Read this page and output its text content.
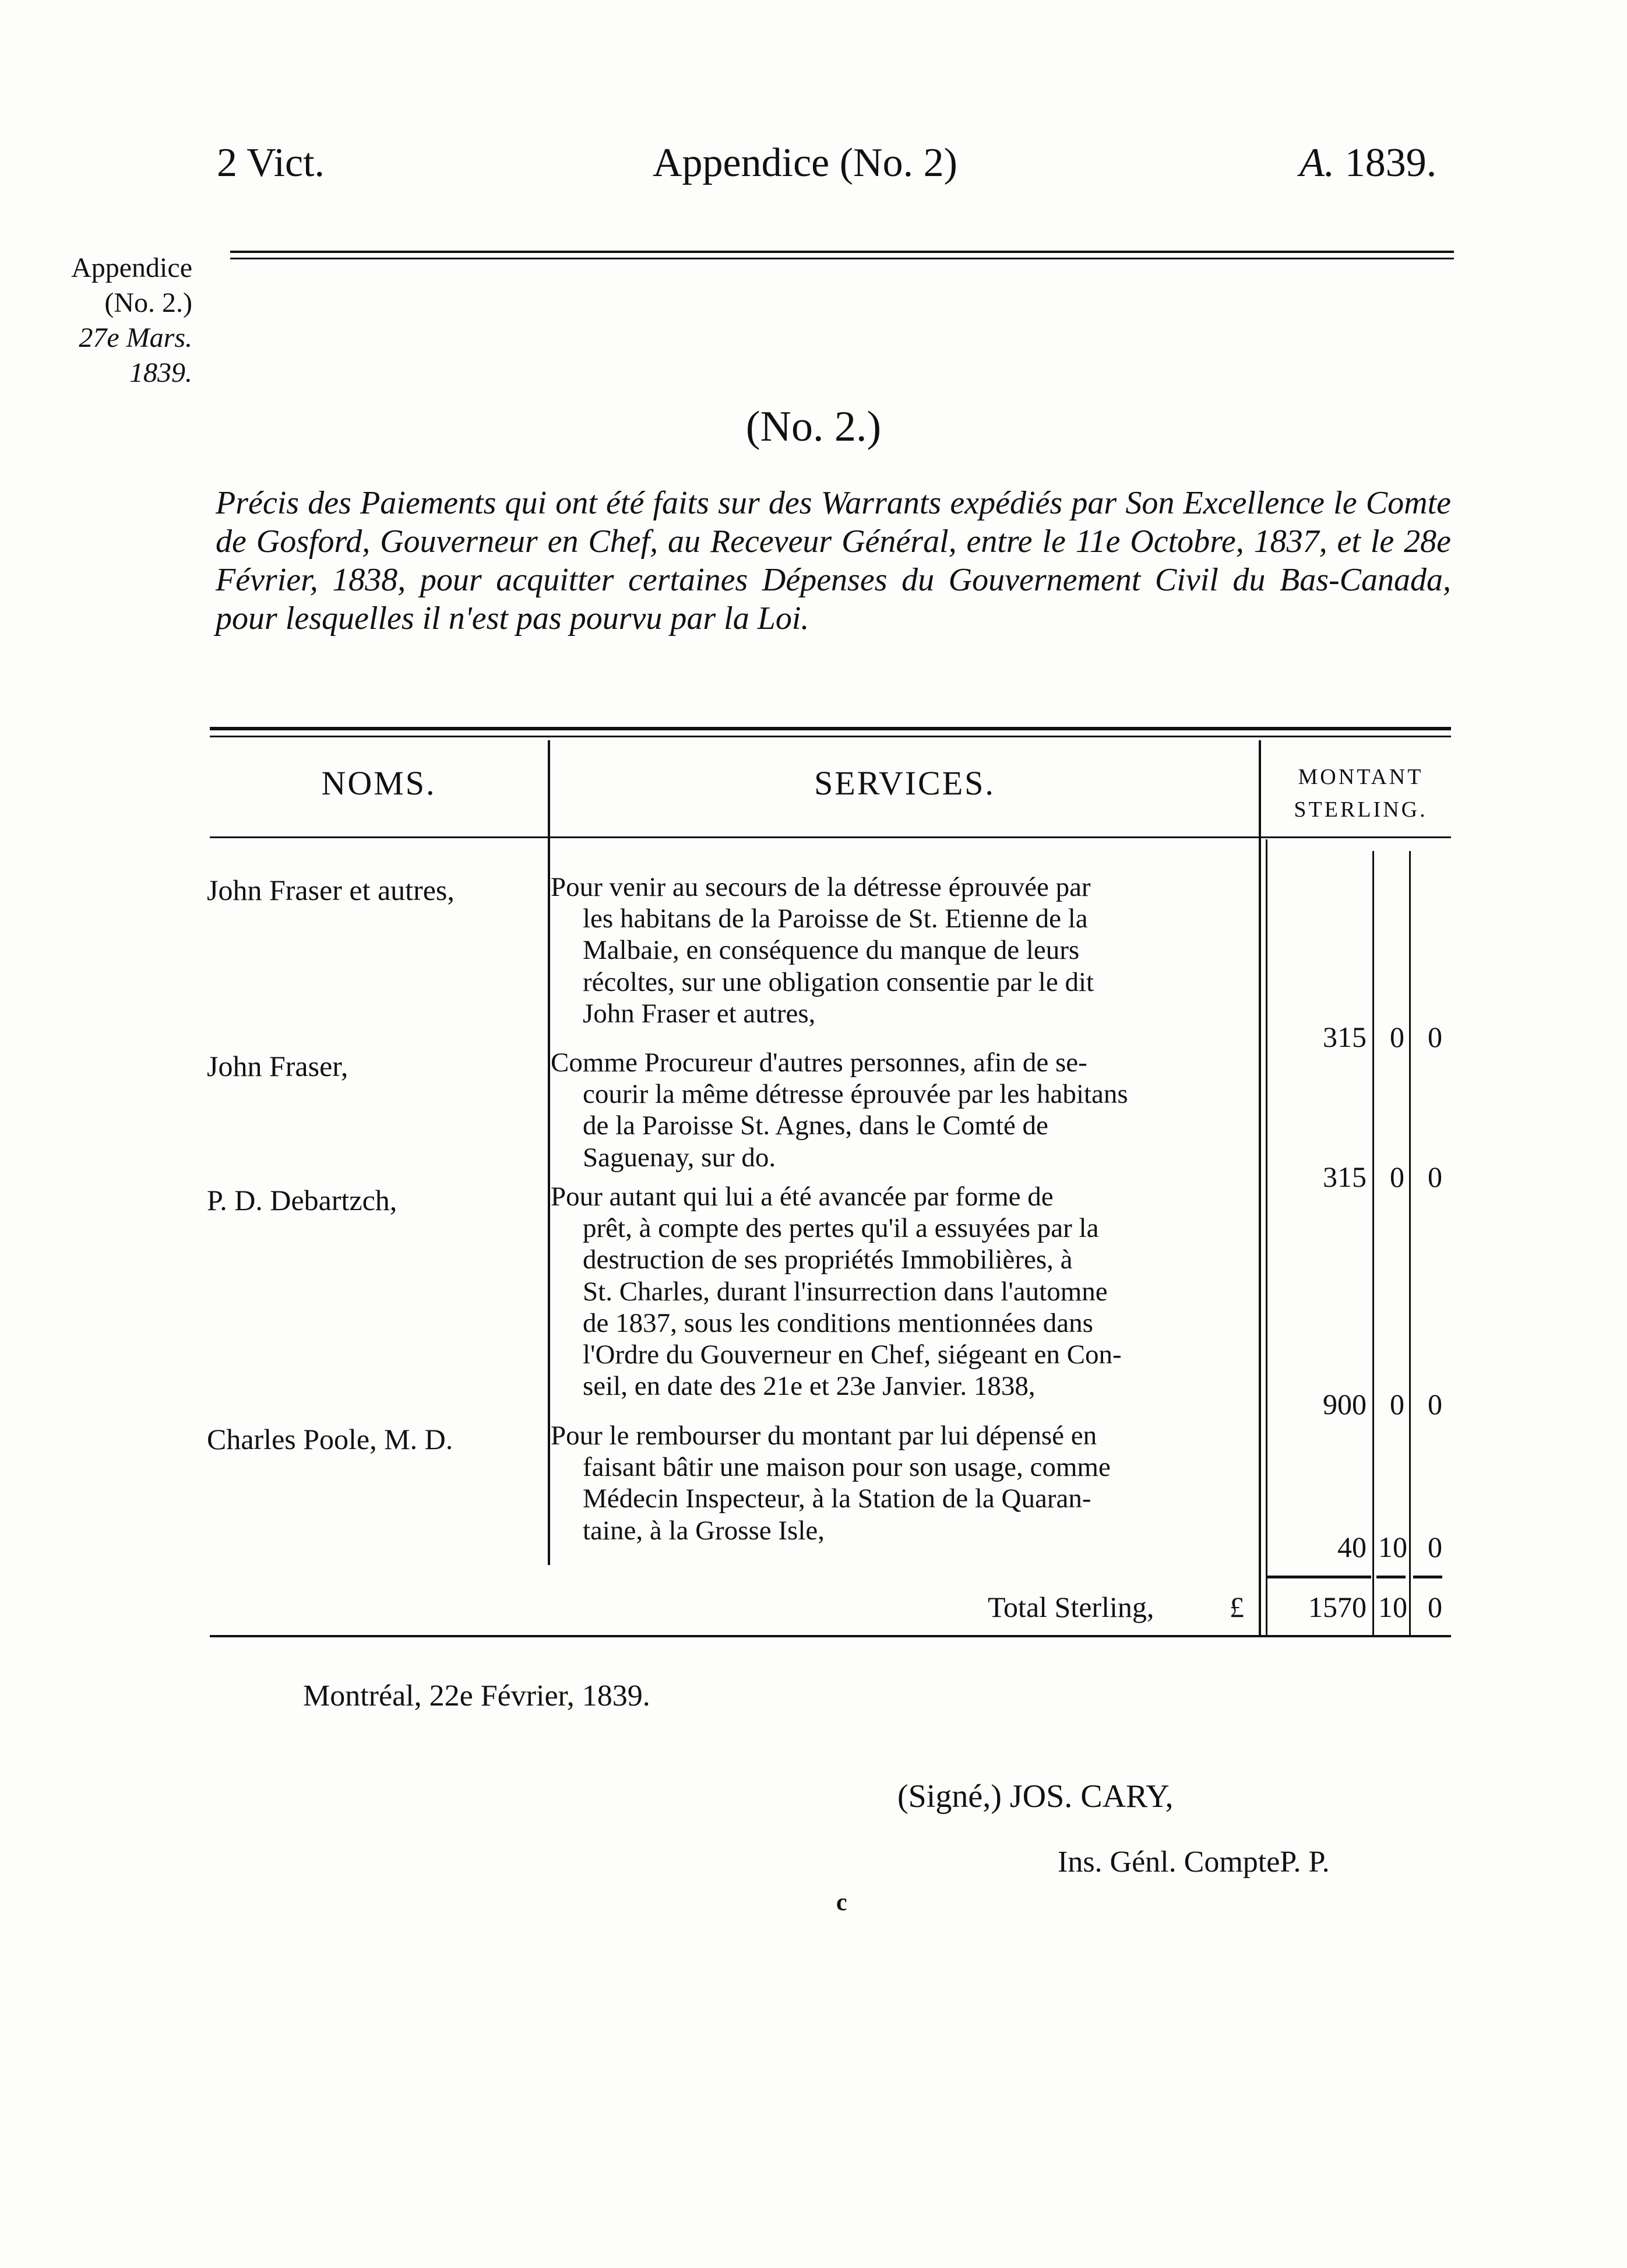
2 Vict.	Appendice (No. 2)	A. 1839.
Appendice
(No. 2.)
27e Mars.
1839.
(No. 2.)
Précis des Paiements qui ont été faits sur des Warrants expédiés par Son Excellence le Comte de Gosford, Gouverneur en Chef, au Receveur Général, entre le 11e Octobre, 1837, et le 28e Février, 1838, pour acquitter certaines Dépenses du Gouvernement Civil du Bas-Canada, pour lesquelles il n'est pas pourvu par la Loi.
NOMS.	SERVICES.	MONTANT
STERLING.
John Fraser et autres,	Pour venir au secours de la détresse éprouvée par
les habitans de la Paroisse de St. Etienne de la
Malbaie, en conséquence du manque de leurs
récoltes, sur une obligation consentie par le dit
John Fraser et autres,
315 0 0
John Fraser,	Comme Procureur d'autres personnes, afin de se-
courir la même détresse éprouvée par les habitans
de la Paroisse St. Agnes, dans le Comté de
Saguenay, sur do.
315 0 0
P. D. Debartzch,	Pour autant qui lui a été avancée par forme de
prêt, à compte des pertes qu'il a essuyées par la
destruction de ses propriétés Immobilières, à
St. Charles, durant l'insurrection dans l'automne
de 1837, sous les conditions mentionnées dans
l'Ordre du Gouverneur en Chef, siégeant en Con-
seil, en date des 21e et 23e Janvier. 1838,
900 0 0
Charles Poole, M. D.	Pour le rembourser du montant par lui dépensé en
faisant bâtir une maison pour son usage, comme
Médecin Inspecteur, à la Station de la Quaran-
taine, à la Grosse Isle,
40 10 0
Total Sterling,	£	1570 10 0
Montréal, 22e Février, 1839.
(Signé,) JOS. CARY,
Ins. Génl. CompteP. P.
c
